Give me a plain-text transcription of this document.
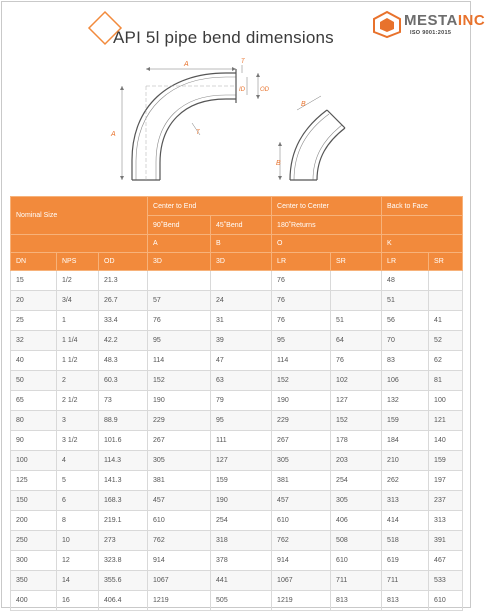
API 5l pipe bend dimensions
MESTAINC
ISO 9001:2015
A
A
T
T
ID	OD
B
B
Nominal Size			Center to End		Center to Center		Back to Face	
			90˚Bend	45˚Bend	180˚Returns			
			A	B	O		K	
DN	NPS	OD	3D	3D	LR	SR	LR	SR
15	1/2	21.3			76		48	
20	3/4	26.7	57	24	76		51	
25	1	33.4	76	31	76	51	56	41
32	1 1/4	42.2	95	39	95	64	70	52
40	1 1/2	48.3	114	47	114	76	83	62
50	2	60.3	152	63	152	102	106	81
65	2 1/2	73	190	79	190	127	132	100
80	3	88.9	229	95	229	152	159	121
90	3 1/2	101.6	267	111	267	178	184	140
100	4	114.3	305	127	305	203	210	159
125	5	141.3	381	159	381	254	262	197
150	6	168.3	457	190	457	305	313	237
200	8	219.1	610	254	610	406	414	313
250	10	273	762	318	762	508	518	391
300	12	323.8	914	378	914	610	619	467
350	14	355.6	1067	441	1067	711	711	533
400	16	406.4	1219	505	1219	813	813	610
